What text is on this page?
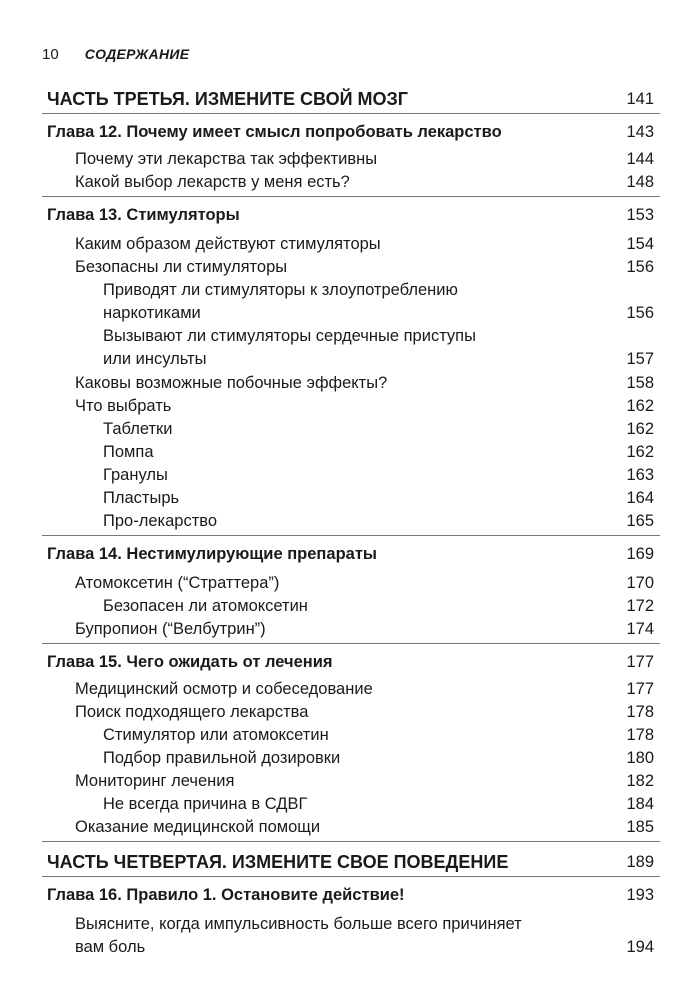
10 СОДЕРЖАНИЕ
ЧАСТЬ ТРЕТЬЯ. ИЗМЕНИТЕ СВОЙ МОЗГ	141
Глава 12. Почему имеет смысл попробовать лекарство	143
Почему эти лекарства так эффективны	144
Какой выбор лекарств у меня есть?	148
Глава 13. Стимуляторы	153
Каким образом действуют стимуляторы	154
Безопасны ли стимуляторы	156
Приводят ли стимуляторы к злоупотреблению
наркотиками	156
Вызывают ли стимуляторы сердечные приступы
или инсульты	157
Каковы возможные побочные эффекты?	158
Что выбрать	162
Таблетки	162
Помпа	162
Гранулы	163
Пластырь	164
Про-лекарство	165
Глава 14. Нестимулирующие препараты	169
Атомоксетин (“Страттера”)	170
Безопасен ли атомоксетин	172
Бупропион (“Велбутрин”)	174
Глава 15. Чего ожидать от лечения	177
Медицинский осмотр и собеседование	177
Поиск подходящего лекарства	178
Стимулятор или атомоксетин	178
Подбор правильной дозировки	180
Мониторинг лечения	182
Не всегда причина в СДВГ	184
Оказание медицинской помощи	185
ЧАСТЬ ЧЕТВЕРТАЯ. ИЗМЕНИТЕ СВОЕ ПОВЕДЕНИЕ	189
Глава 16. Правило 1. Остановите действие!	193
Выясните, когда импульсивность больше всего причиняет
вам боль	194
